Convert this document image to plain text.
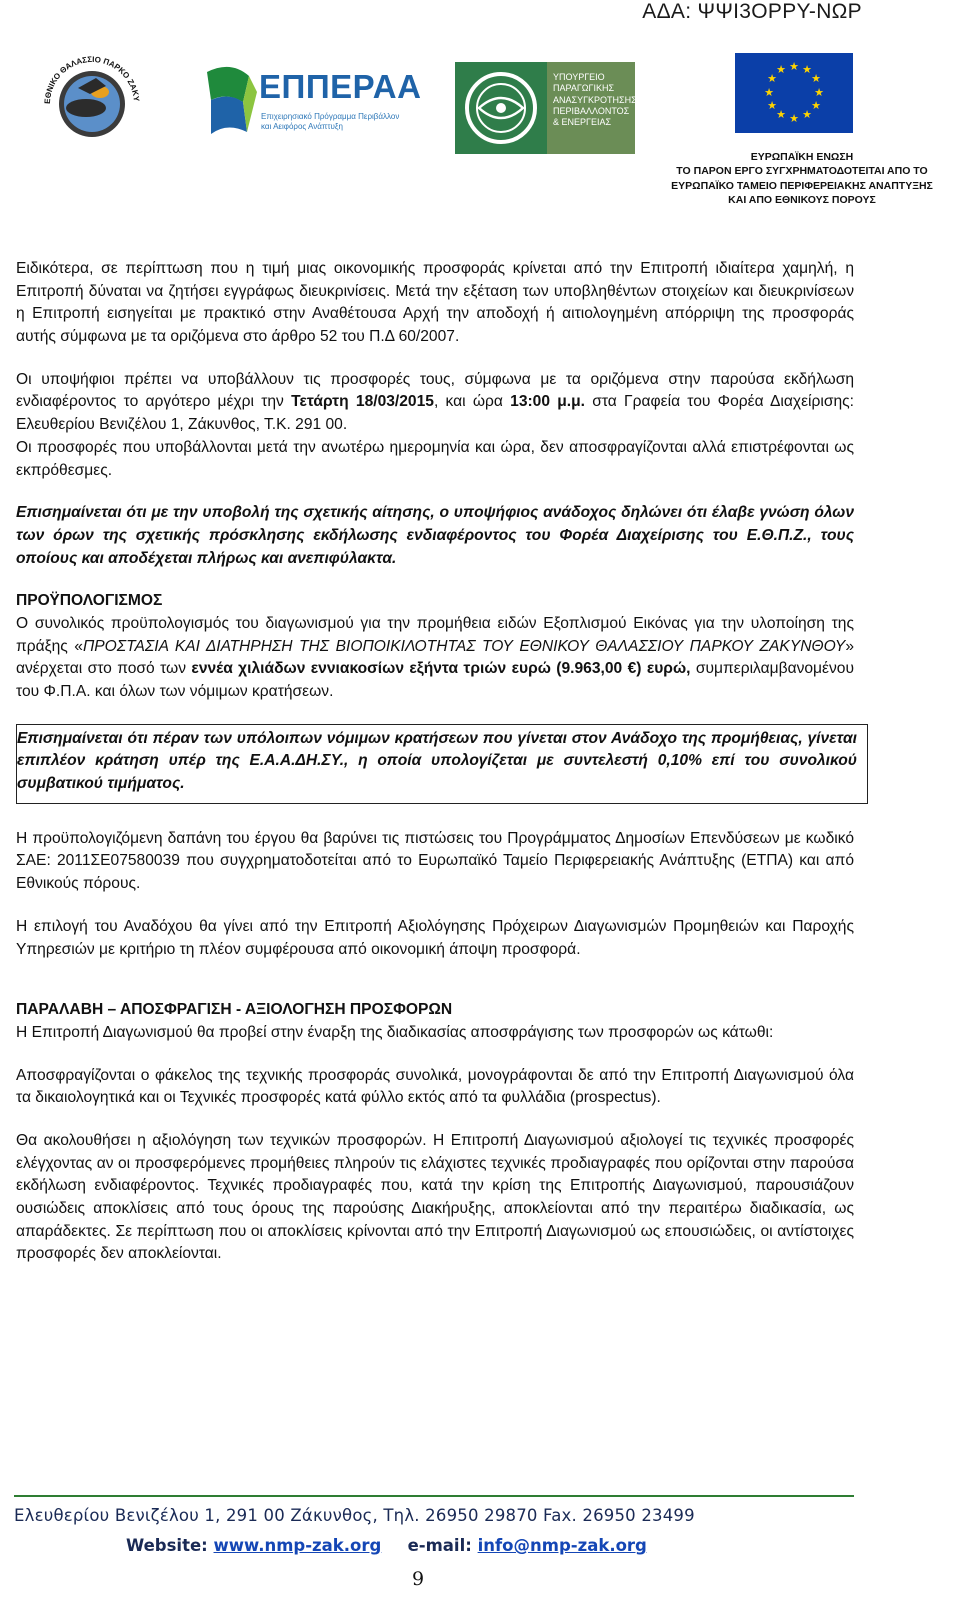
ΑΔΑ: ΨΨΙ3ΟΡΡΥ-ΝΩΡ
ΕΘΝΙΚΟ ΘΑΛΑΣΣΙΟ ΠΑΡΚΟ ΖΑΚΥ	ΕΠΠΕΡΑΑ
Επιχειρησιακό Πρόγραμμα Περιβάλλον και Αειφόρος Ανάπτυξη
ΥΠΟΥΡΓΕΙΟ
ΠΑΡΑΓΩΓΙΚΗΣ
ΑΝΑΣΥΓΚΡΟΤΗΣΗΣ
ΠΕΡΙΒΑΛΛΟΝΤΟΣ
& ΕΝΕΡΓΕΙΑΣ
★ ★
★
★
★
★
★
★
★
★
★
★
ΕΥΡΩΠΑΪΚΗ ΕΝΩΣΗ
ΤΟ ΠΑΡΟΝ ΕΡΓΟ ΣΥΓΧΡΗΜΑΤΟΔΟΤΕΙΤΑΙ ΑΠΟ ΤΟ
ΕΥΡΩΠΑΪΚΟ ΤΑΜΕΙΟ ΠΕΡΙΦΕΡΕΙΑΚΗΣ ΑΝΑΠΤΥΞΗΣ
ΚΑΙ ΑΠΟ ΕΘΝΙΚΟΥΣ ΠΟΡΟΥΣ

Ειδικότερα, σε περίπτωση που η τιμή μιας οικονομικής προσφοράς κρίνεται από την Επιτροπή ιδιαίτερα χαμηλή, η Επιτροπή δύναται να ζητήσει εγγράφως διευκρινίσεις. Μετά την εξέταση των υποβληθέντων στοιχείων και διευκρινίσεων η Επιτροπή εισηγείται με πρακτικό στην Αναθέτουσα Αρχή την αποδοχή ή αιτιολογημένη απόρριψη της προσφοράς αυτής σύμφωνα με τα οριζόμενα στο άρθρο 52 του Π.Δ 60/2007.

Οι υποψήφιοι πρέπει να υποβάλλουν τις προσφορές τους, σύμφωνα με τα οριζόμενα στην παρούσα εκδήλωση ενδιαφέροντος το αργότερο μέχρι την Τετάρτη 18/03/2015, και ώρα 13:00 μ.μ. στα Γραφεία του Φορέα Διαχείρισης: Ελευθερίου Βενιζέλου 1, Ζάκυνθος, Τ.Κ. 291 00.
Οι προσφορές που υποβάλλονται μετά την ανωτέρω ημερομηνία και ώρα, δεν αποσφραγίζονται αλλά επιστρέφονται ως εκπρόθεσμες.

Επισημαίνεται ότι με την υποβολή της σχετικής αίτησης, ο υποψήφιος ανάδοχος δηλώνει ότι έλαβε γνώση όλων των όρων της σχετικής πρόσκλησης εκδήλωσης ενδιαφέροντος του Φορέα Διαχείρισης του Ε.Θ.Π.Ζ., τους οποίους και αποδέχεται πλήρως και ανεπιφύλακτα.

ΠΡΟΫΠΟΛΟΓΙΣΜΟΣ
Ο συνολικός προϋπολογισμός του διαγωνισμού για την προμήθεια ειδών Εξοπλισμού Εικόνας για την υλοποίηση της πράξης «ΠΡΟΣΤΑΣΙΑ ΚΑΙ ΔΙΑΤΗΡΗΣΗ ΤΗΣ ΒΙΟΠΟΙΚΙΛΟΤΗΤΑΣ ΤΟΥ ΕΘΝΙΚΟΥ ΘΑΛΑΣΣΙΟΥ ΠΑΡΚΟΥ ΖΑΚΥΝΘΟΥ» ανέρχεται στο ποσό των εννέα χιλιάδων εννιακοσίων εξήντα τριών ευρώ (9.963,00 €) ευρώ, συμπεριλαμβανομένου του Φ.Π.Α. και όλων των νόμιμων κρατήσεων.

Επισημαίνεται ότι πέραν των υπόλοιπων νόμιμων κρατήσεων που γίνεται στον Ανάδοχο της προμήθειας, γίνεται επιπλέον κράτηση υπέρ της Ε.Α.Α.ΔΗ.ΣΥ., η οποία υπολογίζεται με συντελεστή 0,10% επί του συνολικού συμβατικού τιμήματος.

Η προϋπολογιζόμενη δαπάνη του έργου θα βαρύνει τις πιστώσεις του Προγράμματος Δημοσίων Επενδύσεων με κωδικό ΣΑΕ: 2011ΣΕ07580039 που συγχρηματοδοτείται από το Ευρωπαϊκό Ταμείο Περιφερειακής Ανάπτυξης (ΕΤΠΑ) και από Εθνικούς πόρους.

Η επιλογή του Αναδόχου θα γίνει από την Επιτροπή Αξιολόγησης Πρόχειρων Διαγωνισμών Προμηθειών και Παροχής Υπηρεσιών με κριτήριο τη πλέον συμφέρουσα από οικονομική άποψη προσφορά.

ΠΑΡΑΛΑΒΗ – ΑΠΟΣΦΡΑΓΙΣΗ - ΑΞΙΟΛΟΓΗΣΗ ΠΡΟΣΦΟΡΩΝ
Η Επιτροπή Διαγωνισμού θα προβεί στην έναρξη της διαδικασίας αποσφράγισης των προσφορών ως κάτωθι:

Αποσφραγίζονται ο φάκελος της τεχνικής προσφοράς συνολικά, μονογράφονται δε από την Επιτροπή Διαγωνισμού όλα τα δικαιολογητικά και οι Τεχνικές προσφορές κατά φύλλο εκτός από τα φυλλάδια (prospectus).

Θα ακολουθήσει η αξιολόγηση των τεχνικών προσφορών. Η Επιτροπή Διαγωνισμού αξιολογεί τις τεχνικές προσφορές ελέγχοντας αν οι προσφερόμενες προμήθειες πληρούν τις ελάχιστες τεχνικές προδιαγραφές που ορίζονται στην παρούσα εκδήλωση ενδιαφέροντος. Τεχνικές προδιαγραφές που, κατά την κρίση της Επιτροπής Διαγωνισμού, παρουσιάζουν ουσιώδεις αποκλίσεις από τους όρους της παρούσης Διακήρυξης, αποκλείονται από την περαιτέρω διαδικασία, ως απαράδεκτες. Σε περίπτωση που οι αποκλίσεις κρίνονται από την Επιτροπή Διαγωνισμού ως επουσιώδεις, οι αντίστοιχες προσφορές δεν αποκλείονται.

Ελευθερίου Βενιζέλου 1, 291 00 Ζάκυνθος, Τηλ. 26950 29870 Fax. 26950 23499
Website: www.nmp-zak.org e-mail: info@nmp-zak.org
9
